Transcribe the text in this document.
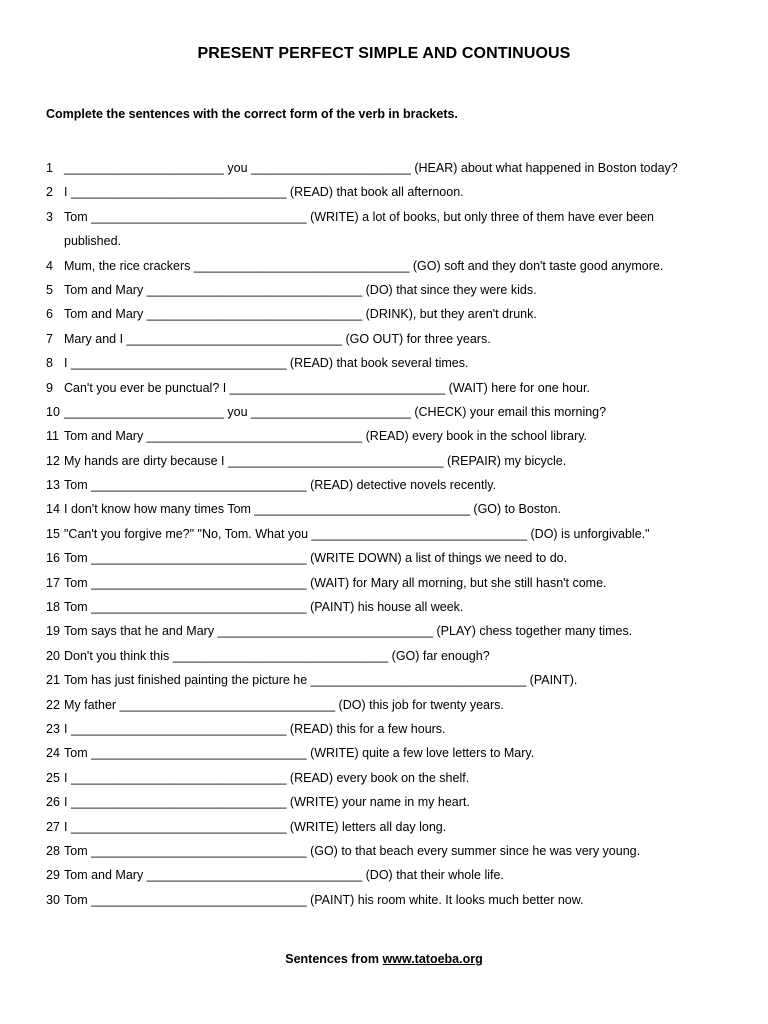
PRESENT PERFECT SIMPLE AND CONTINUOUS
Complete the sentences with the correct form of the verb in brackets.
1 _______________________ you _______________________ (HEAR) about what happened in Boston today?
2 I _______________________________ (READ) that book all afternoon.
3 Tom _______________________________ (WRITE) a lot of books, but only three of them have ever been
published.
4 Mum, the rice crackers _______________________________ (GO) soft and they don't taste good anymore.
5 Tom and Mary _______________________________ (DO) that since they were kids.
6 Tom and Mary _______________________________ (DRINK), but they aren't drunk.
7 Mary and I _______________________________ (GO OUT) for three years.
8 I _______________________________ (READ) that book several times.
9 Can't you ever be punctual? I _______________________________ (WAIT) here for one hour.
10 _______________________ you _______________________ (CHECK) your email this morning?
11 Tom and Mary _______________________________ (READ) every book in the school library.
12 My hands are dirty because I _______________________________ (REPAIR) my bicycle.
13 Tom _______________________________ (READ) detective novels recently.
14 I don't know how many times Tom _______________________________ (GO) to Boston.
15 "Can't you forgive me?" "No, Tom. What you _______________________________ (DO) is unforgivable."
16 Tom _______________________________ (WRITE DOWN) a list of things we need to do.
17 Tom _______________________________ (WAIT) for Mary all morning, but she still hasn't come.
18 Tom _______________________________ (PAINT) his house all week.
19 Tom says that he and Mary _______________________________ (PLAY) chess together many times.
20 Don't you think this _______________________________ (GO) far enough?
21 Tom has just finished painting the picture he _______________________________ (PAINT).
22 My father _______________________________ (DO) this job for twenty years.
23 I _______________________________ (READ) this for a few hours.
24 Tom _______________________________ (WRITE) quite a few love letters to Mary.
25 I _______________________________ (READ) every book on the shelf.
26 I _______________________________ (WRITE) your name in my heart.
27 I _______________________________ (WRITE) letters all day long.
28 Tom _______________________________ (GO) to that beach every summer since he was very young.
29 Tom and Mary _______________________________ (DO) that their whole life.
30 Tom _______________________________ (PAINT) his room white. It looks much better now.
Sentences from www.tatoeba.org
